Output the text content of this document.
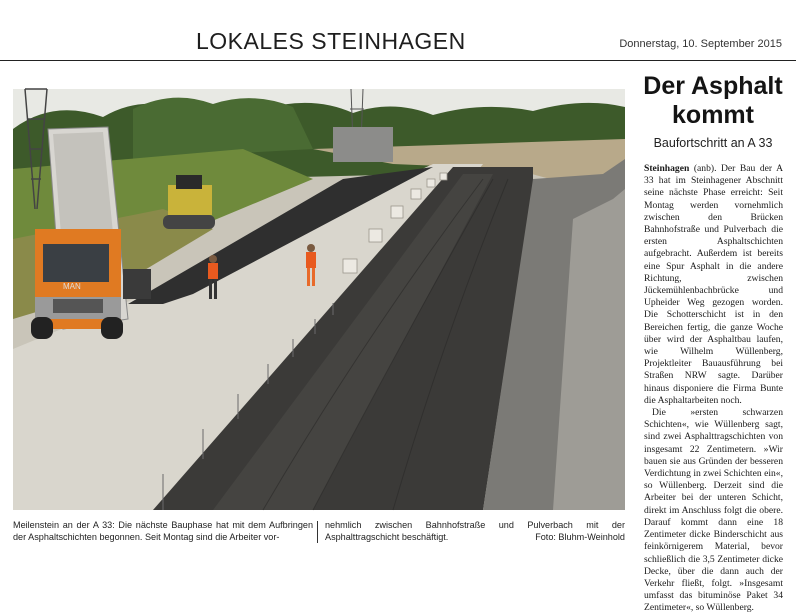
LOKALES STEINHAGEN	Donnerstag, 10. September 2015
MAN
Der Asphalt kommt
Baufortschritt an A 33

Steinhagen (anb). Der Bau der A 33 hat im Steinhagener Abschnitt seine nächste Phase erreicht: Seit Montag werden vornehmlich zwischen den Brücken Bahnhofstraße und Pulverbach die ersten Asphaltschichten aufgebracht. Außerdem ist bereits eine Spur Asphalt in die andere Richtung, zwischen Jückemühlenbachbrücke und Upheider Weg gezogen worden. Die Schotterschicht ist in den Bereichen fertig, die ganze Woche über wird der Asphaltbau laufen, wie Wilhelm Wüllenberg, Projektleiter Bauausführung bei Straßen NRW sagte. Darüber hinaus disponiere die Firma Bunte die Asphaltarbeiten noch.

Die »ersten schwarzen Schichten«, wie Wüllenberg sagt, sind zwei Asphalttragschichten von insgesamt 22 Zentimetern. »Wir bauen sie aus Gründen der besseren Verdichtung in zwei Schichten ein«, so Wüllenberg. Derzeit sind die Arbeiter bei der unteren Schicht, direkt im Anschluss folgt die obere. Darauf kommt dann eine 18 Zentimeter dicke Binderschicht aus feinkörnigerem Material, bevor schließlich die 3,5 Zentimeter dicke Decke, über die dann auch der Verkehr fließt, folgt. »Insgesamt umfasst das bituminöse Paket 34 Zentimeter«, so Wüllenberg.

Meilenstein an der A 33: Die nächste Bauphase hat mit dem Aufbringen der Asphaltschichten begonnen. Seit Montag sind die Arbeiter vor-
nehmlich zwischen Bahnhofstraße und Pulverbach mit der Asphalttragschicht beschäftigt.	Foto: Bluhm-Weinhold
